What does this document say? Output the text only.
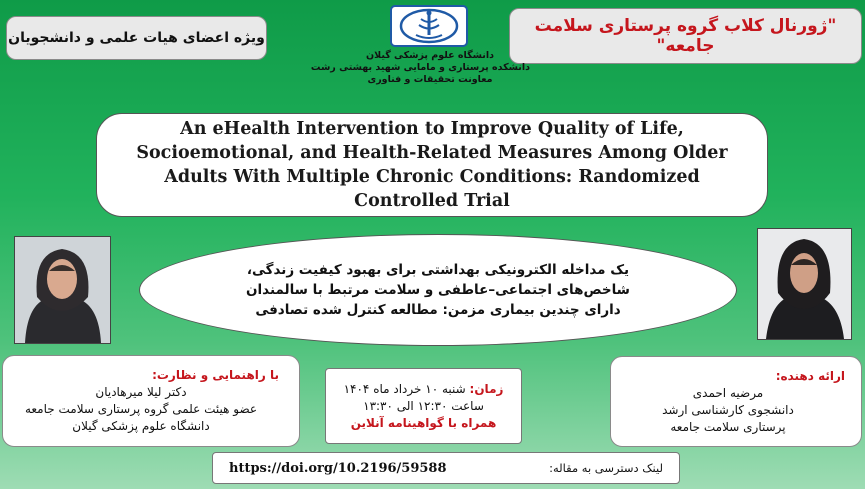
ویژه اعضای هیات علمی و دانشجویان
"ژورنال کلاب گروه پرستاری سلامت جامعه"
دانشگاه علوم پزشکی گیلان
دانشکده پرستاری و مامایی شهید بهشتی رشت
معاونت تحقیقات و فناوری
An eHealth Intervention to Improve Quality of Life, Socioemotional, and Health-Related Measures Among Older Adults With Multiple Chronic Conditions: Randomized Controlled Trial
یک مداخله الکترونیکی بهداشتی برای بهبود کیفیت زندگی،
شاخص‌های اجتماعی–عاطفی و سلامت مرتبط با سالمندان
دارای چندین بیماری مزمن: مطالعه کنترل شده تصادفی
با راهنمایی و نظارت:
دکتر لیلا میرهادیان
عضو هیئت علمی گروه پرستاری سلامت جامعه
دانشگاه علوم پزشکی گیلان
زمان: شنبه ۱۰ خرداد ماه ۱۴۰۴
ساعت ۱۲:۳۰ الی ۱۳:۳۰
همراه با گواهینامه آنلاین
ارائه دهنده:
مرضیه احمدی
دانشجوی کارشناسی ارشد
پرستاری سلامت جامعه
https://doi.org/10.2196/59588	لینک دسترسی به مقاله:
